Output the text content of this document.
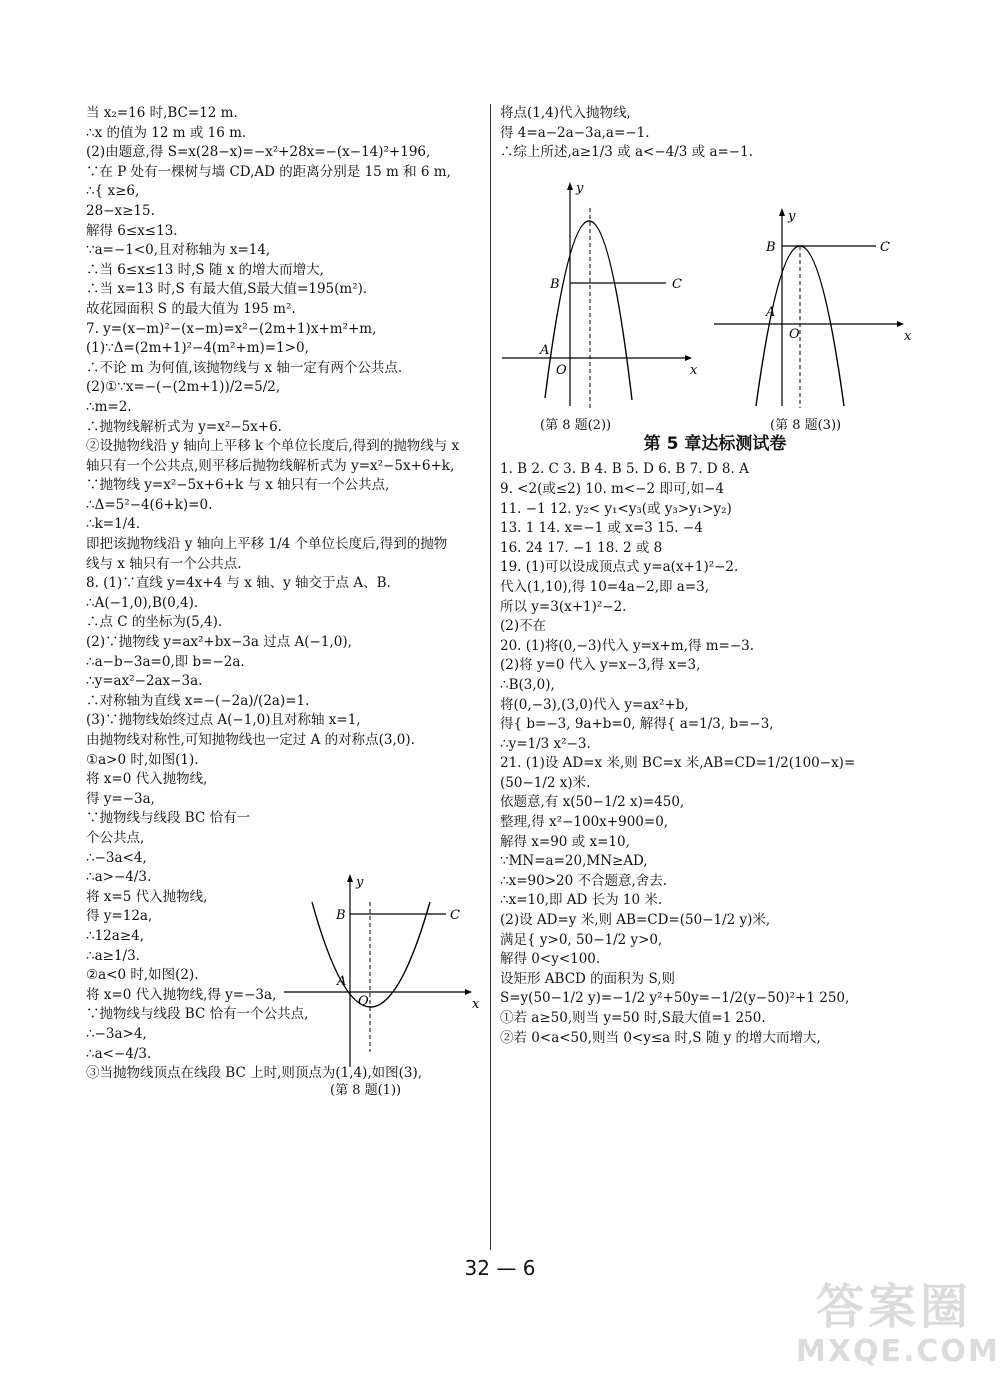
当 x₂=16 时,BC=12 m.
∴x 的值为 12 m 或 16 m.
(2)由题意,得 S=x(28−x)=−x²+28x=−(x−14)²+196,
∵在 P 处有一棵树与墙 CD,AD 的距离分别是 15 m 和 6 m,
∴{ x≥6,
28−x≥15.
解得 6≤x≤13.
∵a=−1<0,且对称轴为 x=14,
∴当 6≤x≤13 时,S 随 x 的增大而增大,
∴当 x=13 时,S 有最大值,S最大值=195(m²).
故花园面积 S 的最大值为 195 m².
7. y=(x−m)²−(x−m)=x²−(2m+1)x+m²+m,
(1)∵Δ=(2m+1)²−4(m²+m)=1>0,
∴不论 m 为何值,该抛物线与 x 轴一定有两个公共点.
(2)①∵x=−(−(2m+1))/2=5/2,
∴m=2.
∴抛物线解析式为 y=x²−5x+6.
②设抛物线沿 y 轴向上平移 k 个单位长度后,得到的抛物线与 x
轴只有一个公共点,则平移后抛物线解析式为 y=x²−5x+6+k,
∵抛物线 y=x²−5x+6+k 与 x 轴只有一个公共点,
∴Δ=5²−4(6+k)=0.
∴k=1/4.
即把该抛物线沿 y 轴向上平移 1/4 个单位长度后,得到的抛物
线与 x 轴只有一个公共点.
8. (1)∵直线 y=4x+4 与 x 轴、y 轴交于点 A、B.
∴A(−1,0),B(0,4).
∴点 C 的坐标为(5,4).
(2)∵抛物线 y=ax²+bx−3a 过点 A(−1,0),
∴a−b−3a=0,即 b=−2a.
∴y=ax²−2ax−3a.
∴对称轴为直线 x=−(−2a)/(2a)=1.
(3)∵抛物线始终过点 A(−1,0)且对称轴 x=1,
由抛物线对称性,可知抛物线也一定过 A 的对称点(3,0).
①a>0 时,如图(1).
将 x=0 代入抛物线,
得 y=−3a,
∵抛物线与线段 BC 恰有一
个公共点,
∴−3a<4,
∴a>−4/3.
将 x=5 代入抛物线,
得 y=12a,
∴12a≥4,
∴a≥1/3.
②a<0 时,如图(2).
将 x=0 代入抛物线,得 y=−3a,
∵抛物线与线段 BC 恰有一个公共点,
∴−3a>4,
∴a<−4/3.
③当抛物线顶点在线段 BC 上时,则顶点为(1,4),如图(3),
将点(1,4)代入抛物线,
得 4=a−2a−3a,a=−1.
∴综上所述,a≥1/3 或 a<−4/3 或 a=−1.
第 5 章达标测试卷
1. B 2. C 3. B 4. B 5. D 6. B 7. D 8. A
9. <2(或≤2) 10. m<−2 即可,如−4
11. −1 12. y₂< y₁<y₃(或 y₃>y₁>y₂)
13. 1 14. x=−1 或 x=3 15. −4
16. 24 17. −1 18. 2 或 8
19. (1)可以设成顶点式 y=a(x+1)²−2.
代入(1,10),得 10=4a−2,即 a=3,
所以 y=3(x+1)²−2.
(2)不在
20. (1)将(0,−3)代入 y=x+m,得 m=−3.
(2)将 y=0 代入 y=x−3,得 x=3,
∴B(3,0),
将(0,−3),(3,0)代入 y=ax²+b,
得{ b=−3, 9a+b=0, 解得{ a=1/3, b=−3,
∴y=1/3 x²−3.
21. (1)设 AD=x 米,则 BC=x 米,AB=CD=1/2(100−x)=
(50−1/2 x)米.
依题意,有 x(50−1/2 x)=450,
整理,得 x²−100x+900=0,
解得 x=90 或 x=10,
∵MN=a=20,MN≥AD,
∴x=90>20 不合题意,舍去.
∴x=10,即 AD 长为 10 米.
(2)设 AD=y 米,则 AB=CD=(50−1/2 y)米,
满足{ y>0, 50−1/2 y>0,
解得 0<y<100.
设矩形 ABCD 的面积为 S,则
S=y(50−1/2 y)=−1/2 y²+50y=−1/2(y−50)²+1 250,
①若 a≥50,则当 y=50 时,S最大值=1 250.
②若 0<a<50,则当 0<y≤a 时,S 随 y 的增大而增大,
y
x
B	C
A
O
(第 8 题(1))
y
x
B	C
A
O
(第 8 题(2))
y
x
B	C
A
O
(第 8 题(3))
32 — 6
答案圈
MXQE.COM
